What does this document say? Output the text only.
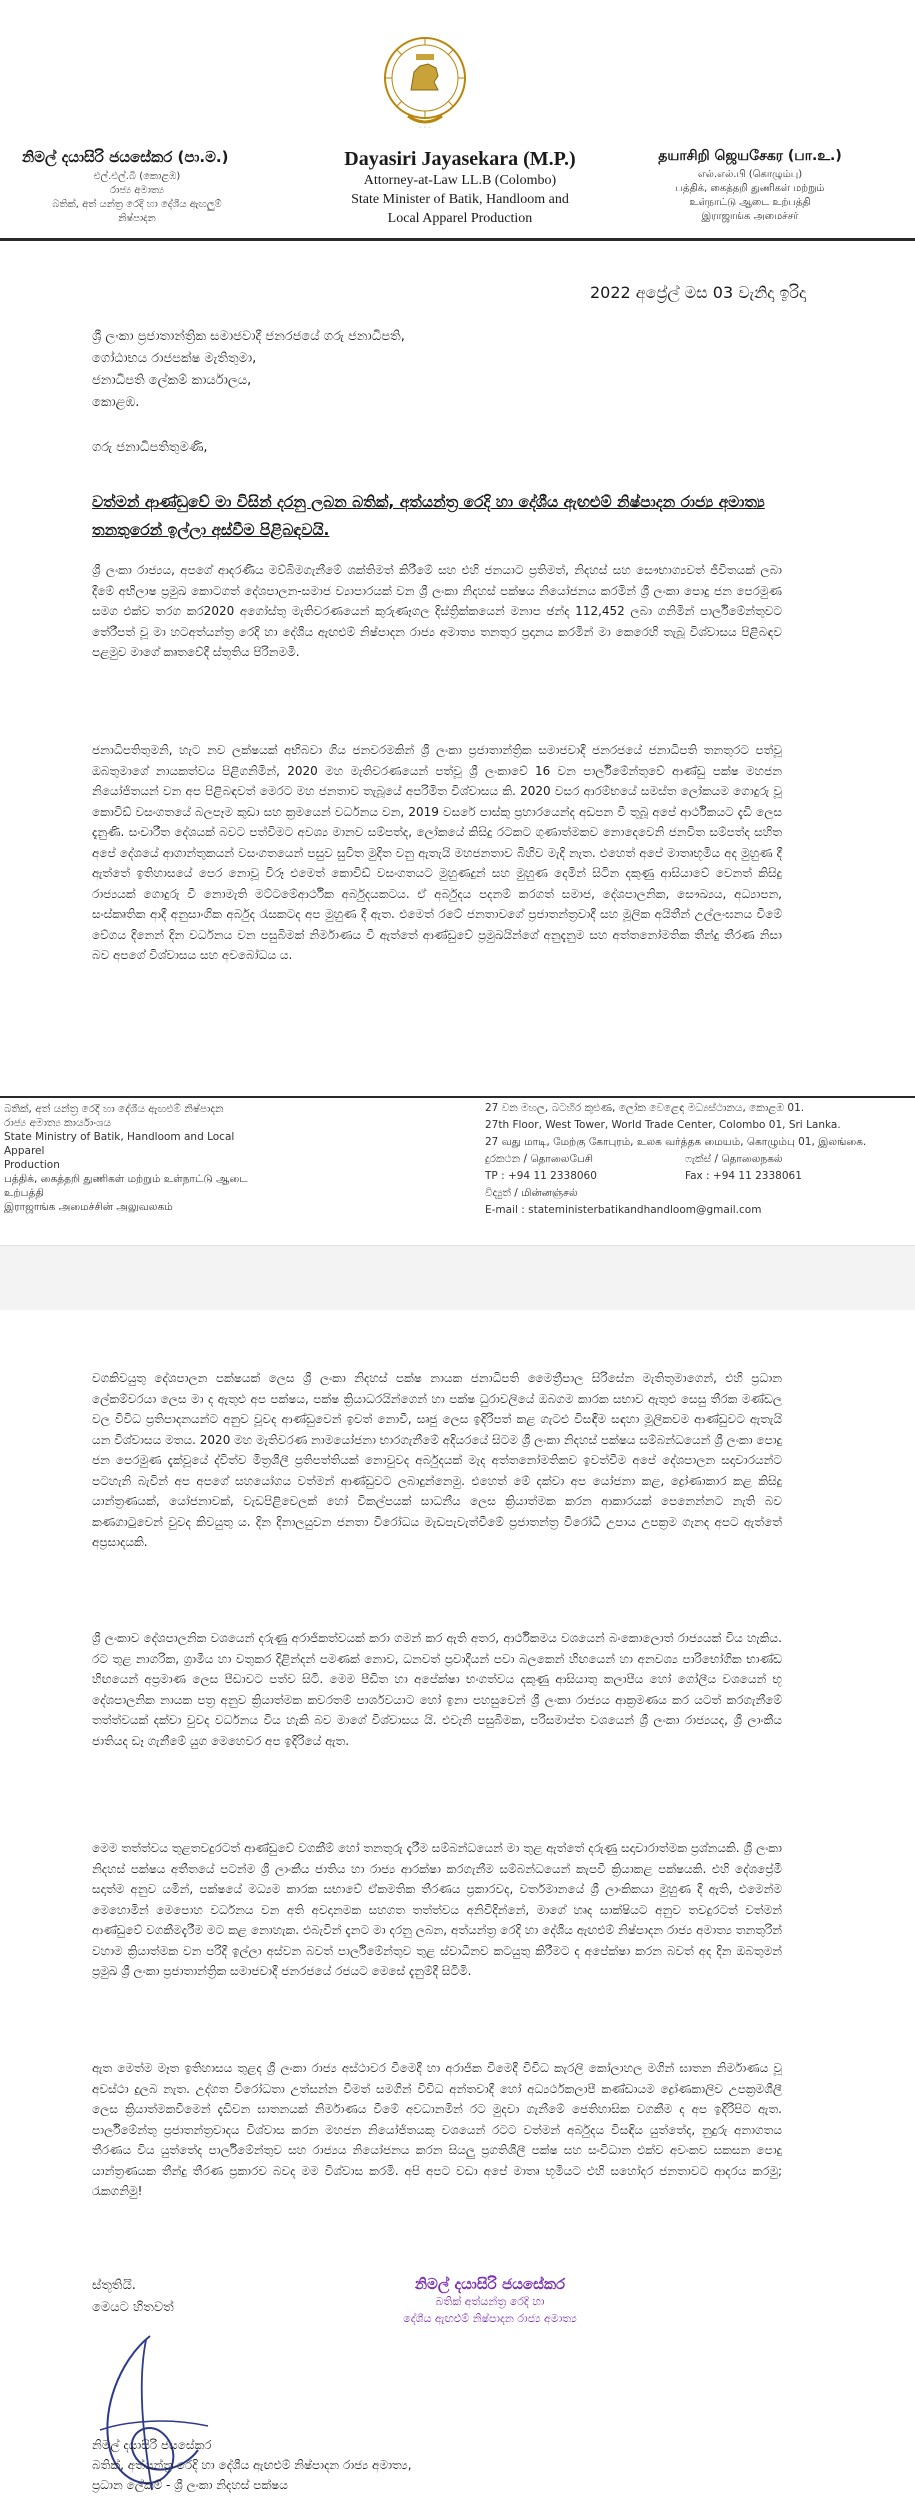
◦ ◦ ◦
නිමල් දයාසිරි ජයසේකර (පා.ම.)
එල්.එල්.බී (කොළඹ)
රාජ්‍ය අමාත්‍ය
බතික්, අත් යන්ත්‍ර රෙදි හා දේශීය ඇඟලුම්
නිෂ්පාදන
Dayasiri Jayasekara (M.P.)
Attorney-at-Law LL.B (Colombo)
State Minister of Batik, Handloom and
Local Apparel Production
தயாசிறி ஜெயசேகர (பா.உ.)
எல்.எல்.பி (கொழும்பு)
பத்திக், கைத்தறி துணிகள் மற்றும்
உள்நாட்டு ஆடை உற்பத்தி
இராஜாங்க அமைச்சர்
2022 අප්‍රේල් මස 03 වැනිදා ඉරිදා
ශ්‍රී ලංකා ප්‍රජාතාන්ත්‍රික සමාජවාදී ජනරජයේ ගරු ජනාධිපති,
ගෝඨාභය රාජපක්ෂ මැතිතුමා,
ජනාධිපති ලේකම් කාර්යාලය,
කොළඹ.
ගරු ජනාධිපතිතුමණි,
වත්මන් ආණ්ඩුවේ මා විසින් දරනු ලබන බතික්, අත්යන්ත්‍ර රෙදි හා දේශීය ඇඟළුම් නිෂ්පාදන රාජ්‍ය අමාත්‍ය තනතුරෙන් ඉල්ලා අස්වීම පිළිබඳවයි.
ශ්‍රී ලංකා රාජ්‍යය, අපගේ ආදරණීය මව්බිමගැනීමේ ශක්තිමත් කිරීමේ සහ එහි ජනයාට ප්‍රතිමත්, නිදහස් සහ සෞභාග්‍යවත් ජීවිතයක් ලබා දීමේ අභිලාෂ ප්‍රමුඛ කොටගත් දේශපාලන-සමාජ ව්‍යාපාරයක් වන ශ්‍රී ලංකා නිදහස් පක්ෂය නියෝජනය කරමින් ශ්‍රී ලංකා පොදු ජන පෙරමුණ සමග එක්ව තරග කර2020 අගෝස්තු මැතිවරණයෙන් කුරුණෑගල දිස්ත්‍රික්කයෙන් මනාප ඡන්ද 112,452 ලබා ගනිමින් පාර්ලිමේන්තුවට තේරීපත් වූ මා හටඅත්යන්ත්‍ර රෙදි හා දේශීය ඇඟළුම් නිෂ්පාදන රාජ්‍ය අමාත්‍ය තනතුර ප්‍රදානය කරමින් මා කෙරෙහි තැබූ විශ්වාසය පිළිබඳව පළමුව මාගේ කෘතවේදී ස්තූතිය පිරිනමමි.
ජනාධිපතිතුමනි, හැට නව ලක්ෂයක් අභිබවා ගිය ජනවරමකින් ශ්‍රී ලංකා ප්‍රජාතාන්ත්‍රික සමාජවාදී ජනරජයේ ජනාධිපති තනතුරට පත්වූ ඔබතුමාගේ නායකත්වය පිළිගනිමින්, 2020 මහ මැතිවරණයෙන් පත්වූ ශ්‍රී ලංකාවේ 16 වන පාර්ලිමේන්තුවේ ආණ්ඩු පක්ෂ මහජන නියෝජිතයන් වන අප පිළිබඳවත් මෙරට මහ ජනතාව තැබූයේ අපරිමිත විශ්වාසය කි. 2020 වසර ආරම්භයේ සමස්ත ලෝකයම ගොදුරු වූ කොවිඩ් වසංගතයේ බලපෑම කුඩා සහ ක්‍රමයෙන් වර්ධනය වන, 2019 වසරේ පාස්කු ප්‍රහාරයෙන්ද අඩපන වී තුබූ අපේ ආර්ථිකයට දැඩි ලෙස දැනුණි. සංචාරීත දේශයක් බවට පත්විමට අවශ්‍ය මානව සම්පත්ද, ලෝකයේ කිසිදු රටකට ගුණාත්මකව නොදෙවෙනි ජනවිත සම්පත්ද සහිත අපේ දේශයේ ආගාන්තුකයන් වසංගතයෙන් පසුව සුවිත මුදිත වනු ඇතැයි මහජනතාව බිහිව මැදි නැත. එහෙත් අපේ මාතෘභූමිය අද මුහුණ දී ඇත්තේ ඉතිහාසයේ පෙර නොවූ විරූ එමෙත් කොවිඩ් වසංගතයට මුහුණදුන් සහ මුහුණ දෙමින් සිටින දකුණු ආසියාවේ වෙනත් කිසිදු රාජ්‍යයක් ගොදුරු වී නොමැති මට්ටමේආර්ථික අර්බුදයකටය. ඒ අර්බුදය පදනම් කරගත් සමාජ, දේශපාලනික, සෞඛ්‍යය, අධ්‍යාපන, සංස්කෘතික ආදී අනුසාංගික අර්බුද රැසකටද අප මුහුණ දී ඇත. එමෙත් රටේ ජනතාවගේ ප්‍රජාතන්ත්‍රවාදී සහ මූලික අයිතීන් උල්ලංඝනය වීමේ වේගය දිනෙන් දින වර්ධනය වන පසුබිමක් නිර්මාණය වී ඇත්තේ ආණ්ඩුවේ ප්‍රමුඛයින්ගේ අනුදැනුම සහ අත්තනෝමතික තීන්දු තීරණ නිසා බව අපගේ විශ්වාසය සහ අවබෝධය ය.
බතික්, අත් යන්ත්‍ර රෙදි හා දේශීය ඇඟළුම් නිෂ්පාදන
රාජ්‍ය අමාත්‍ය කාර්යාංශය
State Ministry of Batik, Handloom and Local Apparel
Production
பத்திக், கைத்தறி துணிகள் மற்றும் உள்நாட்டு ஆடை உற்பத்தி
இராஜாங்க அமைச்சின் அலுவலகம்
27 වන මහල, බටහිර කුළුණ, ලෝක වෙළෙඳ මධ්‍යස්ථානය, කොළඹ 01.
27th Floor, West Tower, World Trade Center, Colombo 01, Sri Lanka.
27 வது மாடி, மேற்கு கோபுரம், உலக வர்த்தக மையம், கொழும்பு 01, இலங்கை.
දුරකථන / தொலைபேசி	ෆැක්ස් / தொலைநகல்
TP : +94 11 2338060	Fax : +94 11 2338061
විද්‍යුත් / மின்னஞ்சல்
E-mail : stateministerbatikandhandloom@gmail.com
වගකිවයුතු දේශපාලන පක්ෂයක් ලෙස ශ්‍රී ලංකා නිදහස් පක්ෂ නායක ජනාධිපති මෛත්‍රීපාල සිරිසේන මැතිතුමාගෙන්, එහි ප්‍රධාන ලේකම්වරයා ලෙස මා ද ඇතුළු අප පක්ෂය, පක්ෂ ක්‍රියාධරයින්ගෙන් හා පක්ෂ ධුරාවලියේ ඔබගම කාරක සභාව ඇතුළු සෙසු තීරක මණ්ඩල වල විවිධ ප්‍රතිපාදනයන්ට අනුව වූවද ආණ්ඩුවෙන් ඉවත් නොවී, සෘජු ලෙස ඉදිරිපත් කළ ගැටළු විසඳීම සඳහා මූලිකවම ආණ්ඩුවට ඇතැයි යන විශ්වාසය මතය. 2020 මහ මැතිවරණ නාමයෝජනා භාරගැනීමේ අදියරයේ සිටම ශ්‍රී ලංකා නිදහස් පක්ෂය සම්බන්ධයෙන් ශ්‍රී ලංකා පොදු ජන පෙරමුණ දැක්වූයේ ද්විත්ව මිත්‍රශීලී ප්‍රතිපත්තියක් නොවුවද අර්බුදයක් මැද අත්තනෝමතිකව ඉවත්වීම අපේ දේශපාලන සදාචාරයන්ට පටහැනි බැවින් අප අපගේ සහයෝගය වත්මන් ආණ්ඩුවට ලබාදුන්නෙමු. එහෙත් මේ දක්වා අප යෝජනා කළ, ද්‍රෝණාකාර කළ කිසිදු යාන්ත්‍රණයක්, යෝජනාවක්, වැඩපිළිවෙලක් හෝ විකල්පයක් සාධනීය ලෙස ක්‍රියාත්මක කරන ආකාරයක් පෙනෙන්නට නැති බව කණගාටුවෙන් වුවද කිවයුතු ය. දින දිනාලයුවන ජනතා විරෝධය මැඩපැවැත්වීමේ ප්‍රජාතන්ත්‍ර විරෝධී උපාය උපක්‍රම ගැනද අපට ඇත්තේ අප්‍රසාදයකි.
ශ්‍රී ලංකාව දේශපාලනික වශයෙන් දරුණු අරාජිකත්වයක් කරා ගමන් කර ඇති අතර, ආර්ථිකමය වශයෙන් බංකොලොත් රාජ්‍යයක් විය හැකිය. රට තුළ නාගරික, ග්‍රාමීය හා වතුකර දිළින්දන් පමණක් නොව, ධනවත් ප්‍රවාදීයන් පවා බලකෙන් හිඟයෙන් හා අනවශ්‍ය පාරිභෝගික භාණ්ඩ හිඟයෙන් අප්‍රමාණ ලෙස පීඩාවට පත්ව සිටී. මෙම පීඩිත හා අපේක්ෂා භංගත්වය දකුණු ආසියාතු කලාපීය හෝ ගෝලීය වශයෙන් භූ දේශපාලනික නායක පත්‍ර අනුව ක්‍රියාත්මක කවරතම් පාර්ශවයාට හෝ ඉනා පහසුවෙන් ශ්‍රී ලංකා රාජ්‍යය ආක්‍රමණය කර යටත් කරගැනීමේ තත්ත්වයක් දක්වා වුවද වර්ධනය විය හැකි බව මාගේ විශ්වාසය යි. එවැනි පසුබිමක, පරිසමාප්ත වශයෙන් ශ්‍රී ලංකා රාජ්‍යයද, ශ්‍රී ලාංකීය ජාතියද ඩෑ ගැනීමේ යුග මෙහෙවර අප ඉදිරියේ ඇත.
මෙම තත්ත්වය තුළතවදුරටත් ආණ්ඩුවේ වගකීම් හෝ තනතුරු දැරීම සම්බන්ධයෙන් මා තුළ ඇත්තේ දරුණු සදාචාරාත්මක ප්‍රශ්නයකි. ශ්‍රී ලංකා නිදහස් පක්ෂය අතීතයේ පටන්ම ශ්‍රී ලාංකීය ජාතිය හා රාජ්‍ය ආරක්ෂා කරගැනීම සම්බන්ධයෙන් කැපවී ක්‍රියාකළ පක්ෂයකි. එහි දේශප්‍රේමී සදාත්‍ම අනුව යමින්, පක්ෂයේ මධ්‍යම කාරක සභාවේ ඒකමතික තීරණය ප්‍රකාරවද, වර්තමානයේ ශ්‍රී ලාංකිකයා මුහුණ දී ඇති, එමෙන්ම මෙහොමින් මෙපොහ වර්ධනය වන අති අවදානමක සහගත තත්ත්වය අනිවිදින්නේ, මාගේ හෘද සාක්ෂියට අනුව තවදුරටත් වත්මන් ආණ්ඩුවේ වගකීමදැරීම මට කළ නොහැක. එබැවින් දැනට මා දරනු ලබන, අත්යන්ත්‍ර රෙදි හා දේශීය ඇඟළුම් නිෂ්පාදන රාජ්‍ය අමාත්‍ය තනතුරින් වහාම ක්‍රියාත්මක වන පරිදී ඉල්ලා අස්වන බවත් පාර්ලිමේන්තුව තුළ ස්වාධීනව කටයුතු කිරීමට ද අපේක්ෂා කරන බවත් අද දින ඔබතුමන් ප්‍රමුඛ ශ්‍රී ලංකා ප්‍රජාතාන්ත්‍රික සමාජවාදී ජනරජයේ රජයට මෙසේ දැනුම්දී සිටිමි.
ඇත මෙත්ම මෑත ඉතිහාසය තුළද ශ්‍රී ලංකා රාජ්‍ය අස්ථාවර වීමෙදී හා අරාජික වීමෙදී විවිධ කැරලි කෝලාහල මගින් ඝාතන නිර්මාණය වූ අවස්ථා දුලබ නැත. උද්ගත විරෝධතා උත්සන්න වීමත් සමගින් විවිධ අන්තවාදී හෝ අධ්‍යර්ථකලාපී කණ්ඩායම ද්‍රෝණකාලිව උපක්‍රමශීලී ලෙස ක්‍රියාත්මකවීමෙන් දැඩිවන ඝාතනයක් නිර්මාණය වීමේ අවධානමින් රට මුදවා ගැනීමේ ජෙතිහාසික වගකීම ද අප ඉදිරිපිට ඇත. පාර්ලිමේන්තු ප්‍රජාතන්ත්‍රවාදය විශ්වාස කරන මහජන නියෝජිතයකු වශයෙන් රටට වත්මන් අර්බුදය විසඳිය යුත්තේද, නුදුරු අනාගතය තීරණය විය යුත්තේද පාර්ලිමේන්තුව සහ රාජ්‍යය නියෝජනය කරන සියලු ප්‍රගතිශීලී පක්ෂ සහ සංවිධාන එක්ව අවංකව සකසන පොදු යාන්ත්‍රණයක තීන්දු තීරණ ප්‍රකාරව බවද මම විශ්වාස කරමි. අපි අපට වඩා අපේ මාතෘ භූමියට එහි සහෝදර ජනතාවට ආදරය කරමු; රැකගනිමු!
ස්තූතියි.
මෙයට හිතවත්
නිමල් දයාසිරි ජයසේකර
බතික් අත්යන්ත්‍ර රෙදි හා
දේශීය ඇඟළුම් නිෂ්පාදන රාජ්‍ය අමාත්‍ය
නිමල් දයාසිරි ජයසේකර
බතික්, අත්යන්ත්‍ර රෙදි හා දේශීය ඇඟළුම් නිෂ්පාදන රාජ්‍ය අමාත්‍ය,
ප්‍රධාන ලේකම් - ශ්‍රී ලංකා නිදහස් පක්ෂය
